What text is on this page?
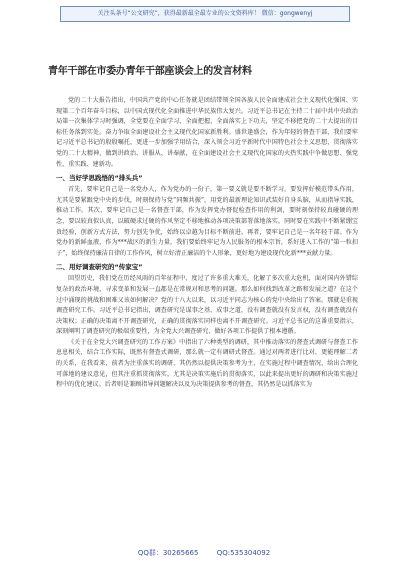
关注头条号“公文研究”，获得最新最全最专业的公文资料库！ 微信：gongwenyj
青年干部在市委办青年干部座谈会上的发言材料

党的二十大报告指出，中国共产党的中心任务就是团结带领全国各族人民全面建成社会主义现代化强国、实现第二个百年奋斗目标，以中国式现代化全面推进中华民族伟大复兴。习近平总书记在主持二十届中共中央政治局第一次集体学习时强调，全党要在全面学习、全面把握、全面落实上下功夫，坚定不移把党的二十大提出的目标任务落到实处。奋力争取全面建设社会主义现代化国家新胜利。盛世逢盛会，作为年轻的督查干部，我们要牢记习近平总书记的殷殷嘱托，更进一步加强学用结合，深入领会习近平新时代中国特色社会主义思想，贯彻落实党的二十大精神，做到讲政治、讲服从、讲奉献，在全面建设社会主义现代化国家的火热实践中争做思想、强党性、重实践、建新功。

一、当好学思践悟的“排头兵”

首先，要牢记自己是一名党办人，作为党办的一份子，第一要义就是要不断学习，要发挥好模范带头作用，尤其是要紧跟党中央的步伐，时刻保持与党“同频共振”，用党的最新理论知识武装好自身头脑，从而指导实践，推动工作。其次，要牢记自己是一名督查干部，作为发挥党办督促检查作用的利剑，要时刻保持较真碰硬的理念，要以较真似认真，以破硬求过硬的作风坚定不移地推动各项决策部署落地落实。同时要在实践中不断紧绷宝贵经验，创新方式方法，努力创先争优，始终以卓越为目标不断前进。再者，要牢记自己是一名年轻干部。作为党办的新鲜血液，作为***战区的新生力量，我们要始终牢记为人民服务的根本宗旨，系好进入工作的“第一粒扣子”，始终保持廉洁自律的工作作风，树立好清正廉洁的个人形象，更好地为建设现代化新***贡献力量。

二、用好调查研究的“传家宝”

回望历史，我们党在历经风雨的百年征程中，度过了许多重大难关，化解了多次重大危机，面对国内外错综复杂的政治环境，寻求变革和发展一直都是在常规对和思考的问题。那么如何找到改革之路和发展之道？在这个过中涌现的挑战和困难又该如何解决？党的十八大以来，以习近平同志为核心的党中央给出了答案。那就是重视调查研究工作。习近平总书记指出，调查研究是谋事之基、成事之道，没有调查就没有发言权，没有调查就没有决策权；正确的决策离不开调查研究，正确的贯彻落实同样也离不开调查研究。习近平总书记的这番重要指示，深刻阐明了调查研究的极端重要性，为全党大兴调查研究、做好各项工作提供了根本遵循。

《关于在全党大兴调查研究的工作方案》中指出了六种类型的调研，其中推动落实的督查式调研与督查工作息息相关，结合工作实际，既然有督查式调研，那么就一定有调研式督查。通过对两者进行比对，更能理解二者的关系，在我看来，前者为注重落实的调研，其仍然以提供决策参考为主，在实施过程中调查情况，给出合理化可落地的建议意见，但其注重抓贯彻落实，尤其是决策实施后的贯彻落实，以此来提出更好的调研和决策实施过程中的优化建议。后者则是兼顾指导问题解决以及为决策提供参考的督查，其仍然是以抓落实为

QQ群：30265665	QQ:535304092
